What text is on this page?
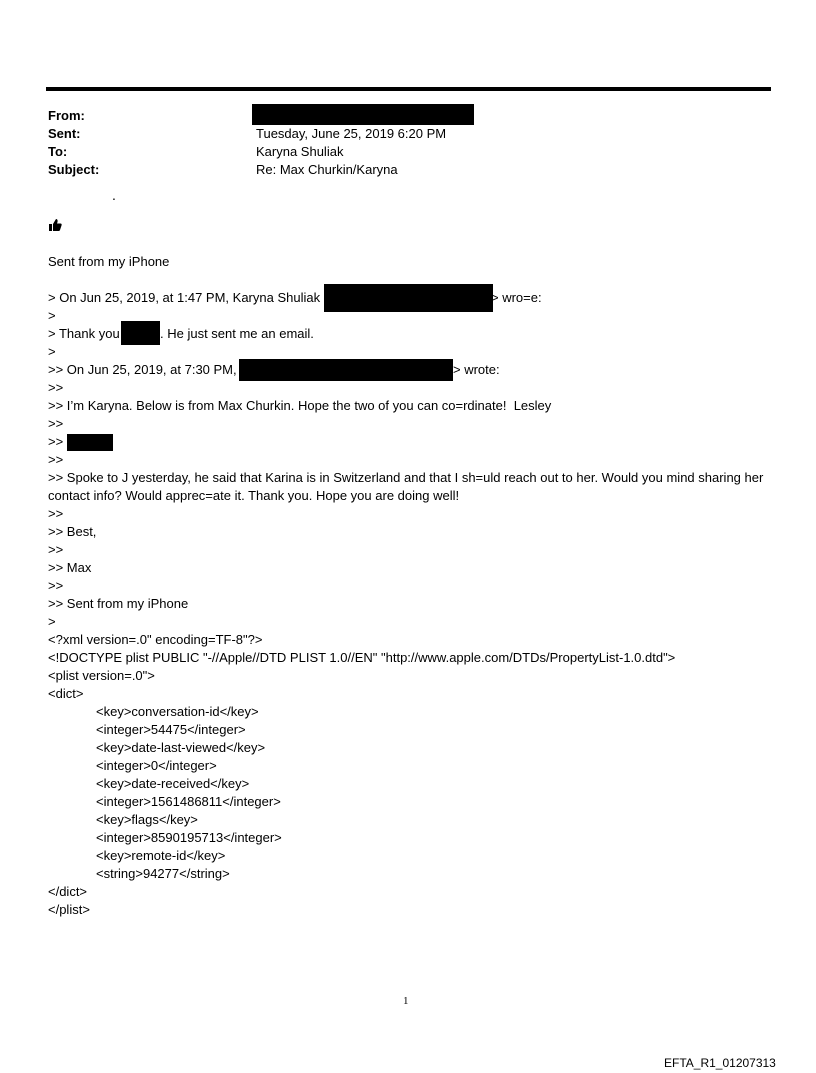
From:
Sent:	Tuesday, June 25, 2019 6:20 PM
To:	Karyna Shuliak
Subject:	Re: Max Churkin/Karyna
.
Sent from my iPhone
> On Jun 25, 2019, at 1:47 PM, Karyna Shuliak	> wro=e:
>
> Thank you	. He just sent me an email.
>
>> On Jun 25, 2019, at 7:30 PM,	> wrote:
>>
>> I’m Karyna. Below is from Max Churkin. Hope the two of you can co=rdinate!  Lesley
>>
>>
>>
>> Spoke to J yesterday, he said that Karina is in Switzerland and that I sh=uld reach out to her. Would you mind sharing her contact info? Would apprec=ate it. Thank you. Hope you are doing well!
>>
>> Best,
>>
>> Max
>>
>> Sent from my iPhone
>
<?xml version=.0" encoding=TF-8"?>
<!DOCTYPE plist PUBLIC "-//Apple//DTD PLIST 1.0//EN" "http://www.apple.com/DTDs/PropertyList-1.0.dtd">
<plist version=.0">
<dict>
<key>conversation-id</key>
<integer>54475</integer>
<key>date-last-viewed</key>
<integer>0</integer>
<key>date-received</key>
<integer>1561486811</integer>
<key>flags</key>
<integer>8590195713</integer>
<key>remote-id</key>
<string>94277</string>
</dict>
</plist>
1
EFTA_R1_01207313
